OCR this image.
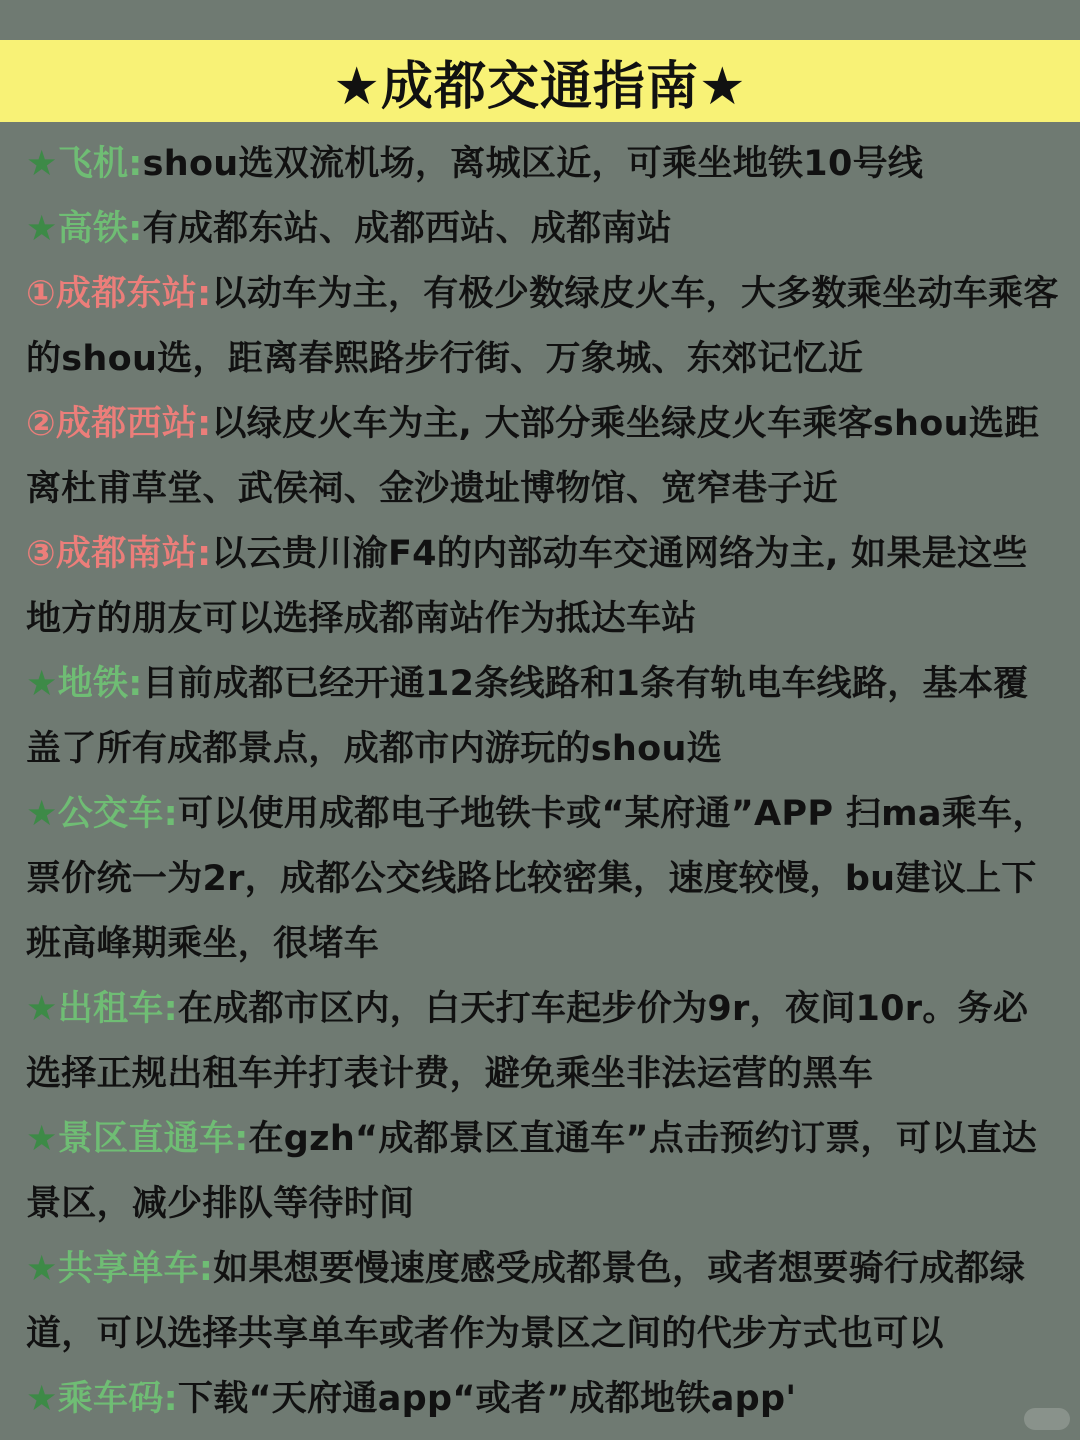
★成都交通指南★

★飞机:shou选双流机场，离城区近，可乘坐地铁10号线

★高铁:有成都东站、成都西站、成都南站

①成都东站:以动车为主，有极少数绿皮火车，大多数乘坐动车乘客的shou选，距离春熙路步行街、万象城、东郊记忆近

②成都西站:以绿皮火车为主, 大部分乘坐绿皮火车乘客shou选距离杜甫草堂、武侯祠、金沙遗址博物馆、宽窄巷子近

③成都南站:以云贵川渝F4的内部动车交通网络为主, 如果是这些地方的朋友可以选择成都南站作为抵达车站

★地铁:目前成都已经开通12条线路和1条有轨电车线路，基本覆盖了所有成都景点，成都市内游玩的shou选

★公交车:可以使用成都电子地铁卡或“某府通”APP 扫ma乘车，票价统一为2r，成都公交线路比较密集，速度较慢，bu建议上下班高峰期乘坐，很堵车

★出租车:在成都市区内，白天打车起步价为9r，夜间10r。务必选择正规出租车并打表计费，避免乘坐非法运营的黑车

★景区直通车:在gzh“成都景区直通车”点击预约订票，可以直达景区，减少排队等待时间

★共享单车:如果想要慢速度感受成都景色，或者想要骑行成都绿道，可以选择共享单车或者作为景区之间的代步方式也可以

★乘车码:下载“天府通app“或者”成都地铁app'
